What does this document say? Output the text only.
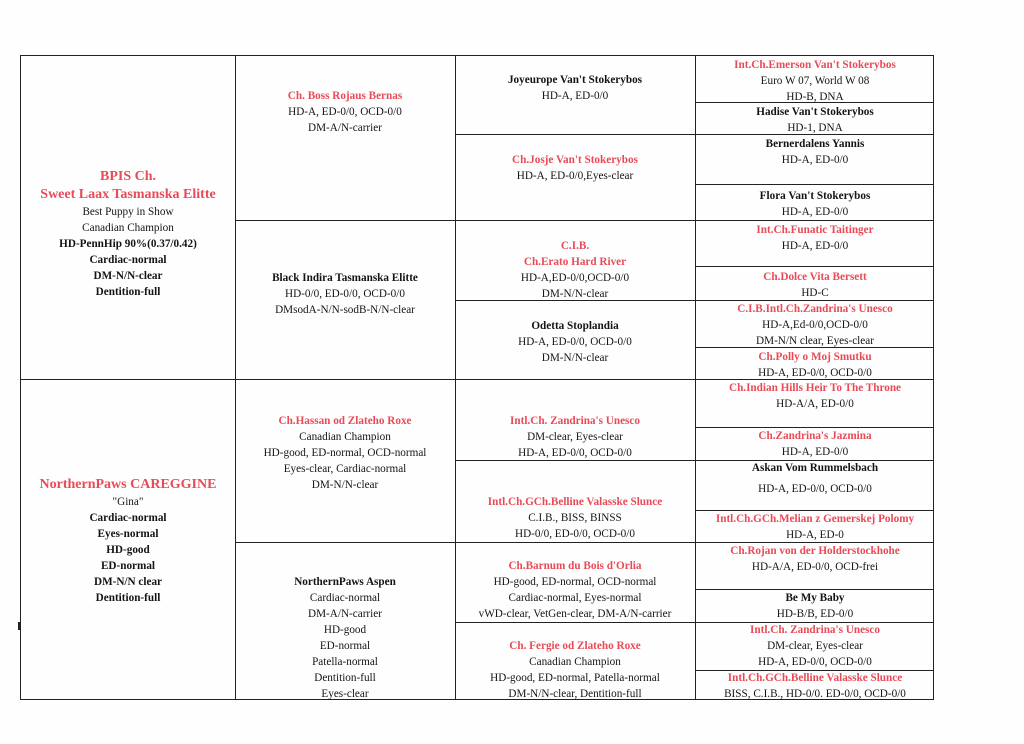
BPIS Ch.
Sweet Laax Tasmanska Elitte
Best Puppy in Show
Canadian Champion
HD-PennHip 90%(0.37/0.42)
Cardiac-normal
DM-N/N-clear
Dentition-full
NorthernPaws CAREGGINE
"Gina"
Cardiac-normal
Eyes-normal
HD-good
ED-normal
DM-N/N clear
Dentition-full
Ch. Boss Rojaus Bernas
HD-A, ED-0/0, OCD-0/0
DM-A/N-carrier
Black Indira Tasmanska Elitte
HD-0/0, ED-0/0, OCD-0/0
DMsodA-N/N-sodB-N/N-clear
Ch.Hassan od Zlateho Roxe
Canadian Champion
HD-good, ED-normal, OCD-normal
Eyes-clear, Cardiac-normal
DM-N/N-clear
NorthernPaws Aspen
Cardiac-normal
DM-A/N-carrier
HD-good
ED-normal
Patella-normal
Dentition-full
Eyes-clear
Joyeurope Van't Stokerybos
HD-A, ED-0/0
Ch.Josje Van't Stokerybos
HD-A, ED-0/0,Eyes-clear
C.I.B.
Ch.Erato Hard River
HD-A,ED-0/0,OCD-0/0
DM-N/N-clear
Odetta Stoplandia
HD-A, ED-0/0, OCD-0/0
DM-N/N-clear
Intl.Ch. Zandrina's Unesco
DM-clear, Eyes-clear
HD-A, ED-0/0, OCD-0/0
Intl.Ch.GCh.Belline Valasske Slunce
C.I.B., BISS, BINSS
HD-0/0, ED-0/0, OCD-0/0
Ch.Barnum du Bois d'Orlia
HD-good, ED-normal, OCD-normal
Cardiac-normal, Eyes-normal
vWD-clear, VetGen-clear, DM-A/N-carrier
Ch. Fergie od Zlateho Roxe
Canadian Champion
HD-good, ED-normal, Patella-normal
DM-N/N-clear, Dentition-full
Int.Ch.Emerson Van't Stokerybos
Euro W 07, World W 08
HD-B, DNA
Hadise Van't Stokerybos
HD-1, DNA
Bernerdalens Yannis
HD-A, ED-0/0
Flora Van't Stokerybos
HD-A, ED-0/0
Int.Ch.Funatic Taitinger
HD-A, ED-0/0
Ch.Dolce Vita Bersett
HD-C
C.I.B.Intl.Ch.Zandrina's Unesco
HD-A,Ed-0/0,OCD-0/0
DM-N/N clear, Eyes-clear
Ch.Polly o Moj Smutku
HD-A, ED-0/0, OCD-0/0
Ch.Indian Hills Heir To The Throne
HD-A/A, ED-0/0
Ch.Zandrina's Jazmina
HD-A, ED-0/0
Askan Vom Rummelsbach
HD-A, ED-0/0, OCD-0/0
Intl.Ch.GCh.Melian z Gemerskej Polomy
HD-A, ED-0
Ch.Rojan von der Holderstockhohe
HD-A/A, ED-0/0, OCD-frei
Be My Baby
HD-B/B, ED-0/0
Intl.Ch. Zandrina's Unesco
DM-clear, Eyes-clear
HD-A, ED-0/0, OCD-0/0
Intl.Ch.GCh.Belline Valasske Slunce
BISS, C.I.B., HD-0/0. ED-0/0, OCD-0/0
